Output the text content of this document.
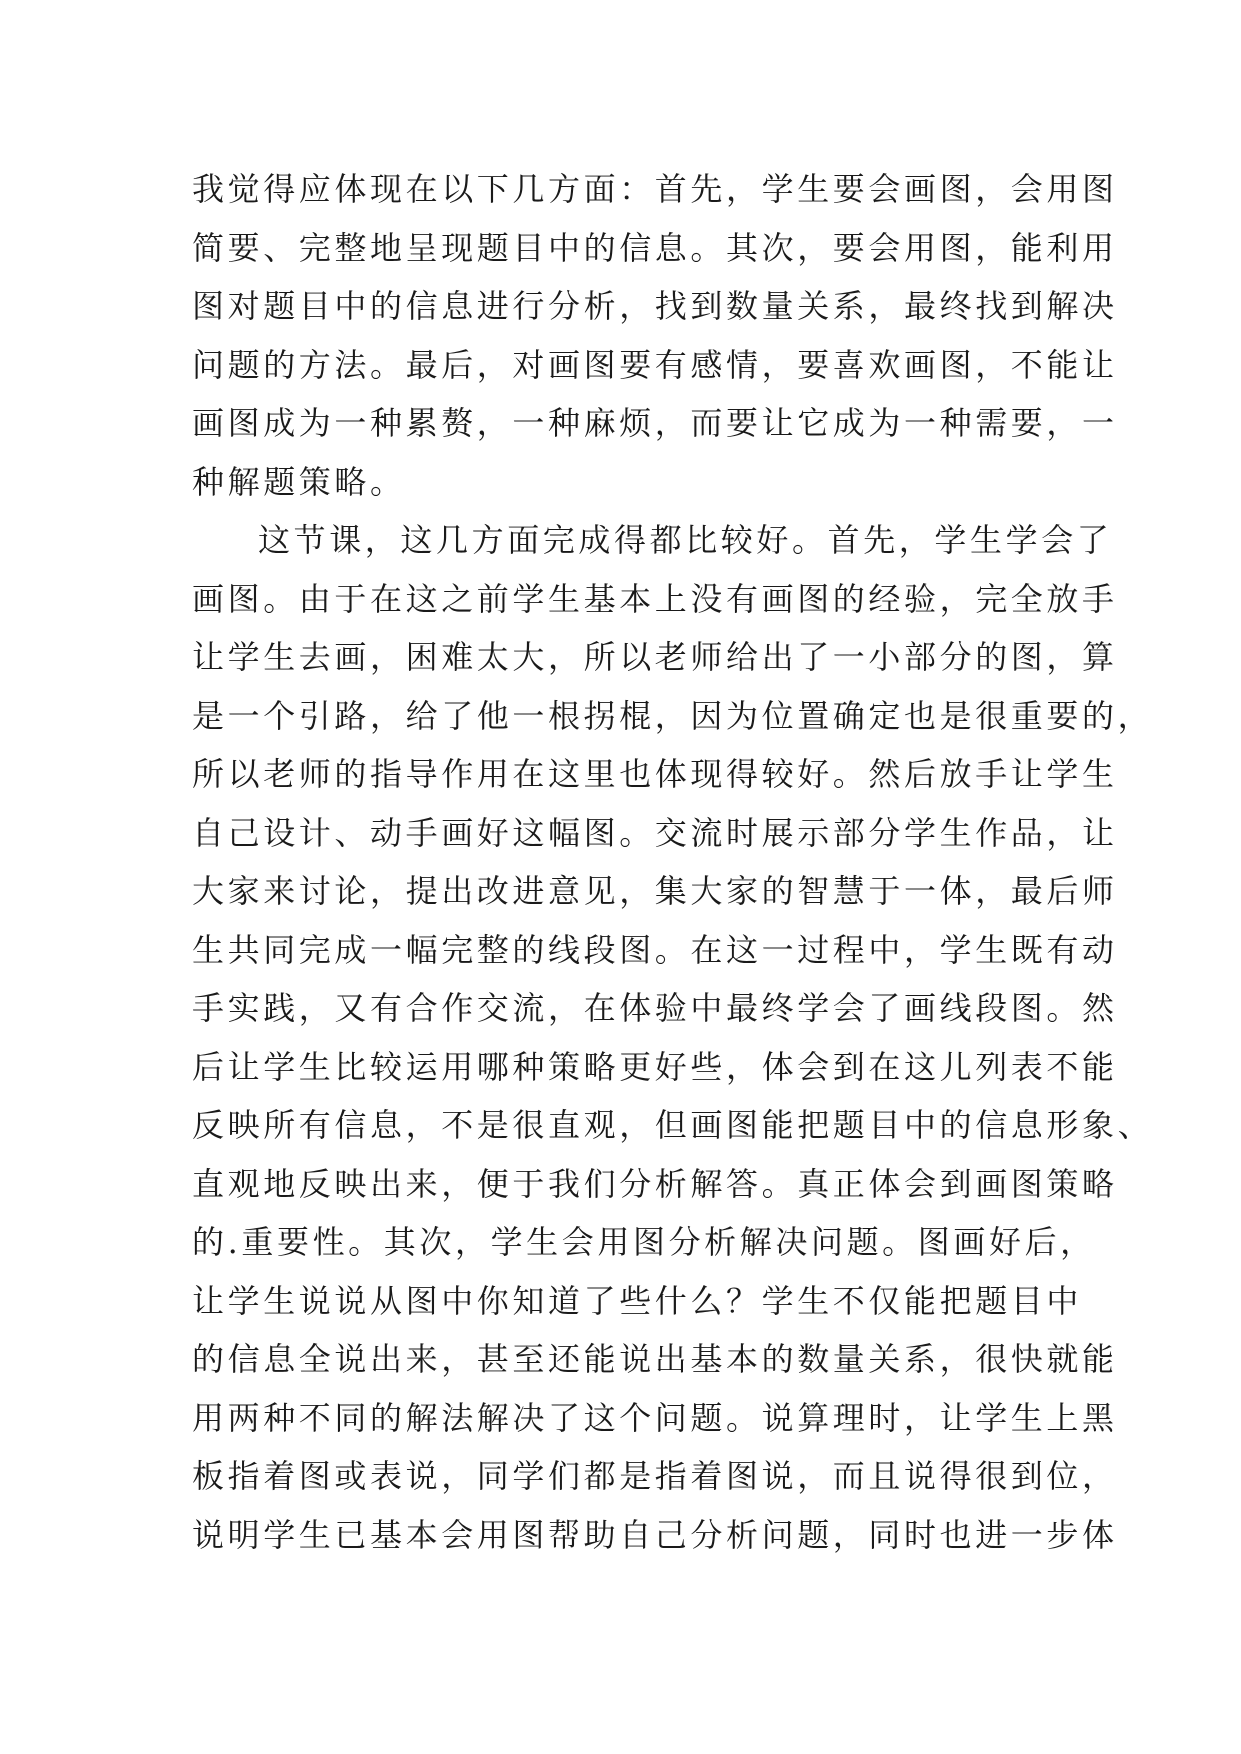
我觉得应体现在以下几方面：首先，学生要会画图，会用图
简要、完整地呈现题目中的信息。其次，要会用图，能利用
图对题目中的信息进行分析，找到数量关系，最终找到解决
问题的方法。最后，对画图要有感情，要喜欢画图，不能让
画图成为一种累赘，一种麻烦，而要让它成为一种需要，一
种解题策略。
这节课，这几方面完成得都比较好。首先，学生学会了
画图。由于在这之前学生基本上没有画图的经验，完全放手
让学生去画，困难太大，所以老师给出了一小部分的图，算
是一个引路，给了他一根拐棍，因为位置确定也是很重要的，
所以老师的指导作用在这里也体现得较好。然后放手让学生
自己设计、动手画好这幅图。交流时展示部分学生作品，让
大家来讨论，提出改进意见，集大家的智慧于一体，最后师
生共同完成一幅完整的线段图。在这一过程中，学生既有动
手实践，又有合作交流，在体验中最终学会了画线段图。然
后让学生比较运用哪种策略更好些，体会到在这儿列表不能
反映所有信息，不是很直观，但画图能把题目中的信息形象、
直观地反映出来，便于我们分析解答。真正体会到画图策略
的.重要性。其次，学生会用图分析解决问题。图画好后，
让学生说说从图中你知道了些什么？学生不仅能把题目中
的信息全说出来，甚至还能说出基本的数量关系，很快就能
用两种不同的解法解决了这个问题。说算理时，让学生上黑
板指着图或表说，同学们都是指着图说，而且说得很到位，
说明学生已基本会用图帮助自己分析问题，同时也进一步体
